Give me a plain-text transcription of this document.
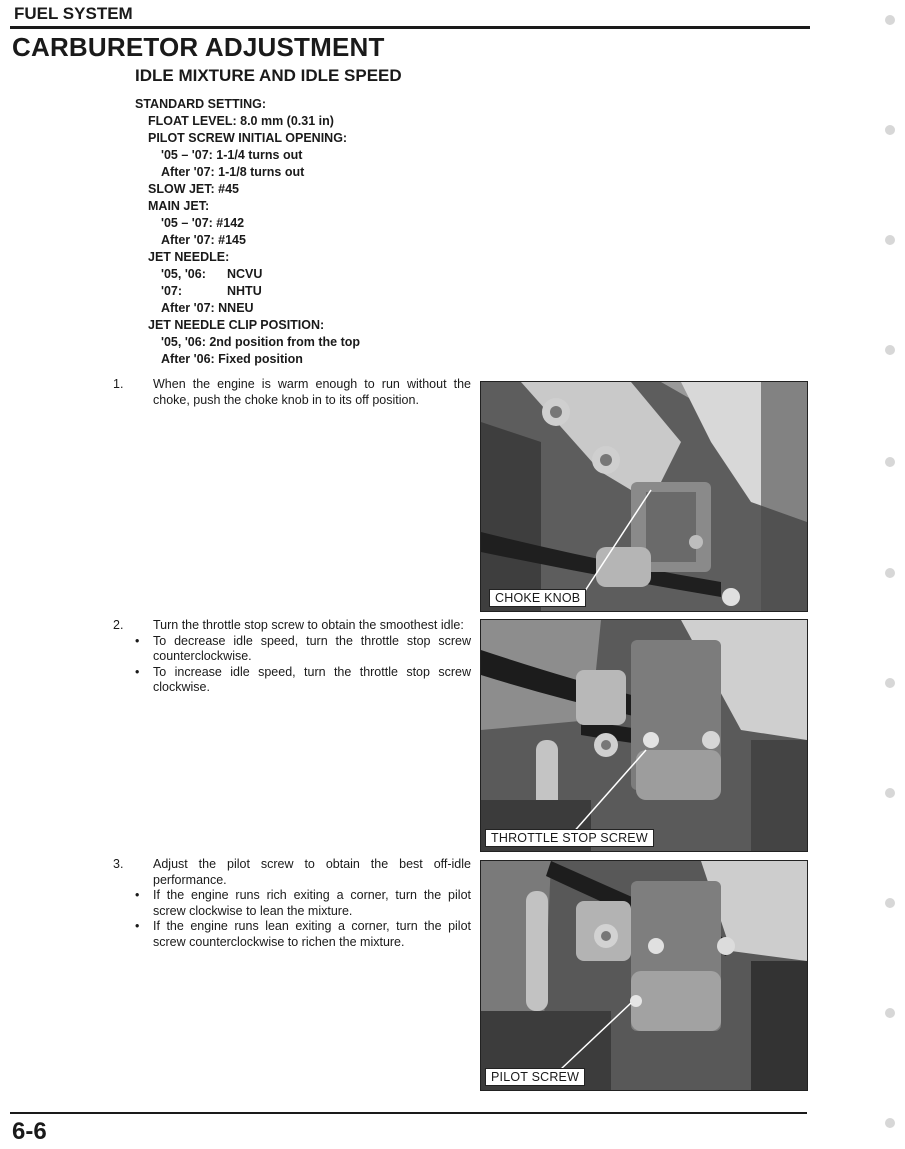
FUEL SYSTEM
CARBURETOR ADJUSTMENT
IDLE MIXTURE AND IDLE SPEED
STANDARD SETTING:
FLOAT LEVEL: 8.0 mm (0.31 in)
PILOT SCREW INITIAL OPENING:
'05 – '07: 1-1/4 turns out
After '07: 1-1/8 turns out
SLOW JET: #45
MAIN JET:
'05 – '07: #142
After '07: #145
JET NEEDLE:
'05, '06: NCVU
'07:	NHTU
After '07: NNEU
JET NEEDLE CLIP POSITION:
'05, '06: 2nd position from the top
After '06: Fixed position

1. When the engine is warm enough to run without the choke, push the choke knob in to its off position.

2. Turn the throttle stop screw to obtain the smoothest idle:

• To decrease idle speed, turn the throttle stop screw counterclockwise.
• To increase idle speed, turn the throttle stop screw clockwise.

3. Adjust the pilot screw to obtain the best off-idle performance.

• If the engine runs rich exiting a corner, turn the pilot screw clockwise to lean the mixture.
• If the engine runs lean exiting a corner, turn the pilot screw counterclockwise to richen the mixture.
CHOKE KNOB
THROTTLE STOP SCREW
PILOT SCREW
6-6
